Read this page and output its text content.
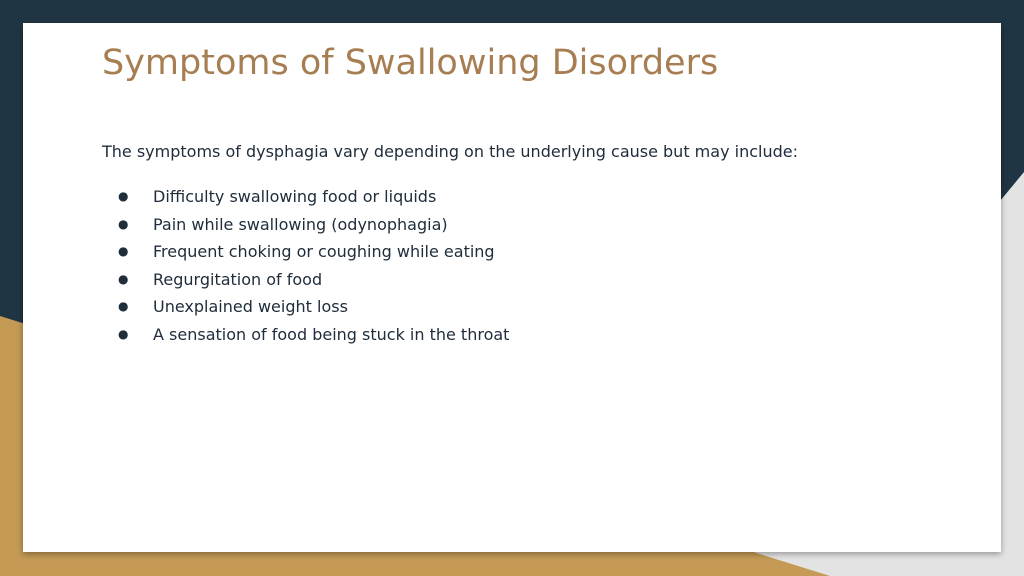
Symptoms of Swallowing Disorders

The symptoms of dysphagia vary depending on the underlying cause but may include:

● Difficulty swallowing food or liquids
● Pain while swallowing (odynophagia)
● Frequent choking or coughing while eating
● Regurgitation of food
● Unexplained weight loss
● A sensation of food being stuck in the throat
